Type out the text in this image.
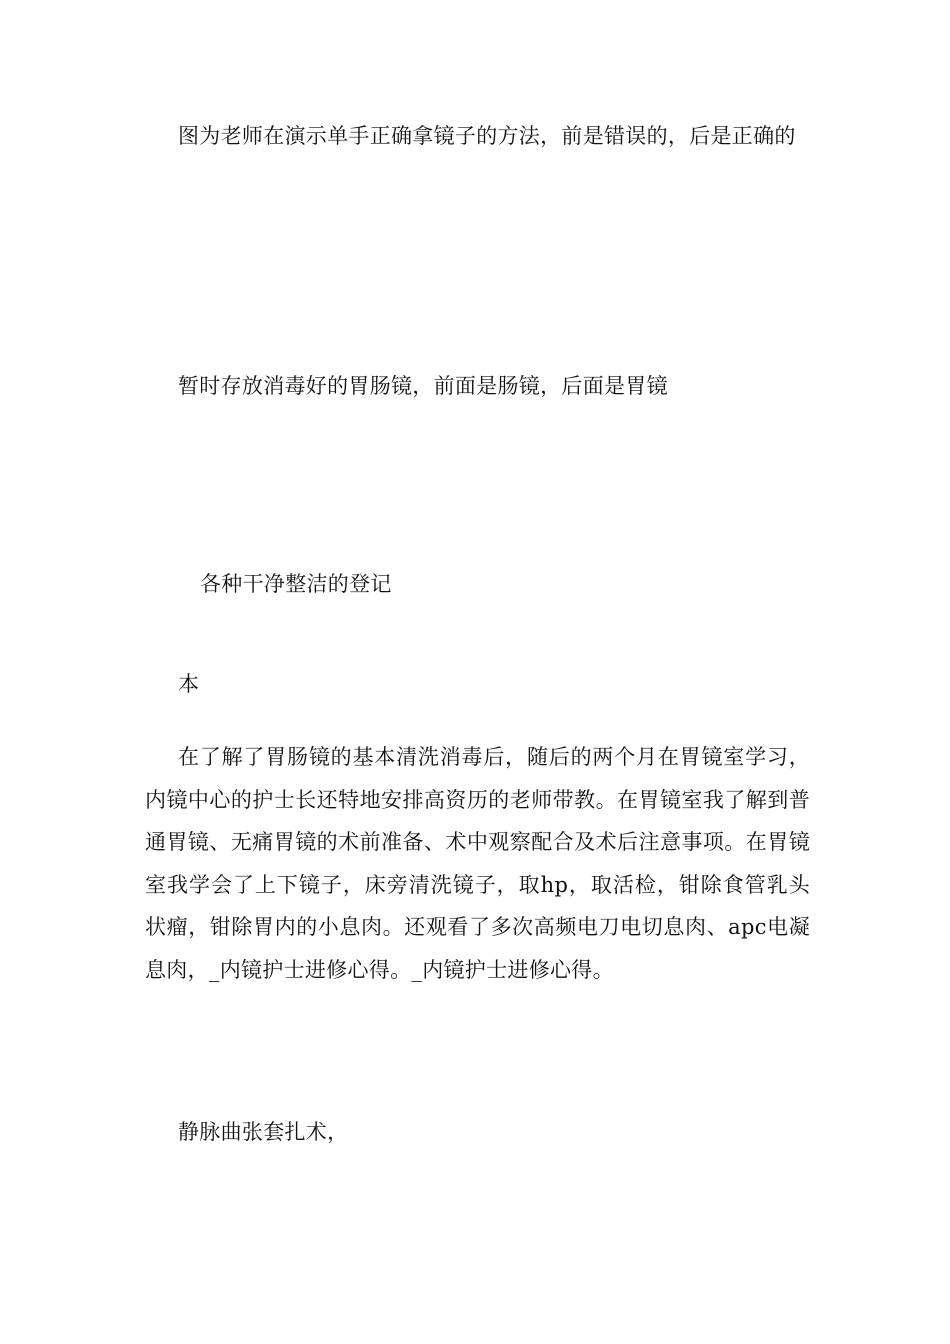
图为老师在演示单手正确拿镜子的方法，前是错误的，后是正确的

暂时存放消毒好的胃肠镜，前面是肠镜，后面是胃镜

各种干净整洁的登记

本

在了解了胃肠镜的基本清洗消毒后，随后的两个月在胃镜室学习，内镜中心的护士长还特地安排高资历的老师带教。在胃镜室我了解到普通胃镜、无痛胃镜的术前准备、术中观察配合及术后注意事项。在胃镜室我学会了上下镜子，床旁清洗镜子，取hp，取活检，钳除食管乳头状瘤，钳除胃内的小息肉。还观看了多次高频电刀电切息肉、apc电凝息肉，_内镜护士进修心得。_内镜护士进修心得。

静脉曲张套扎术，
